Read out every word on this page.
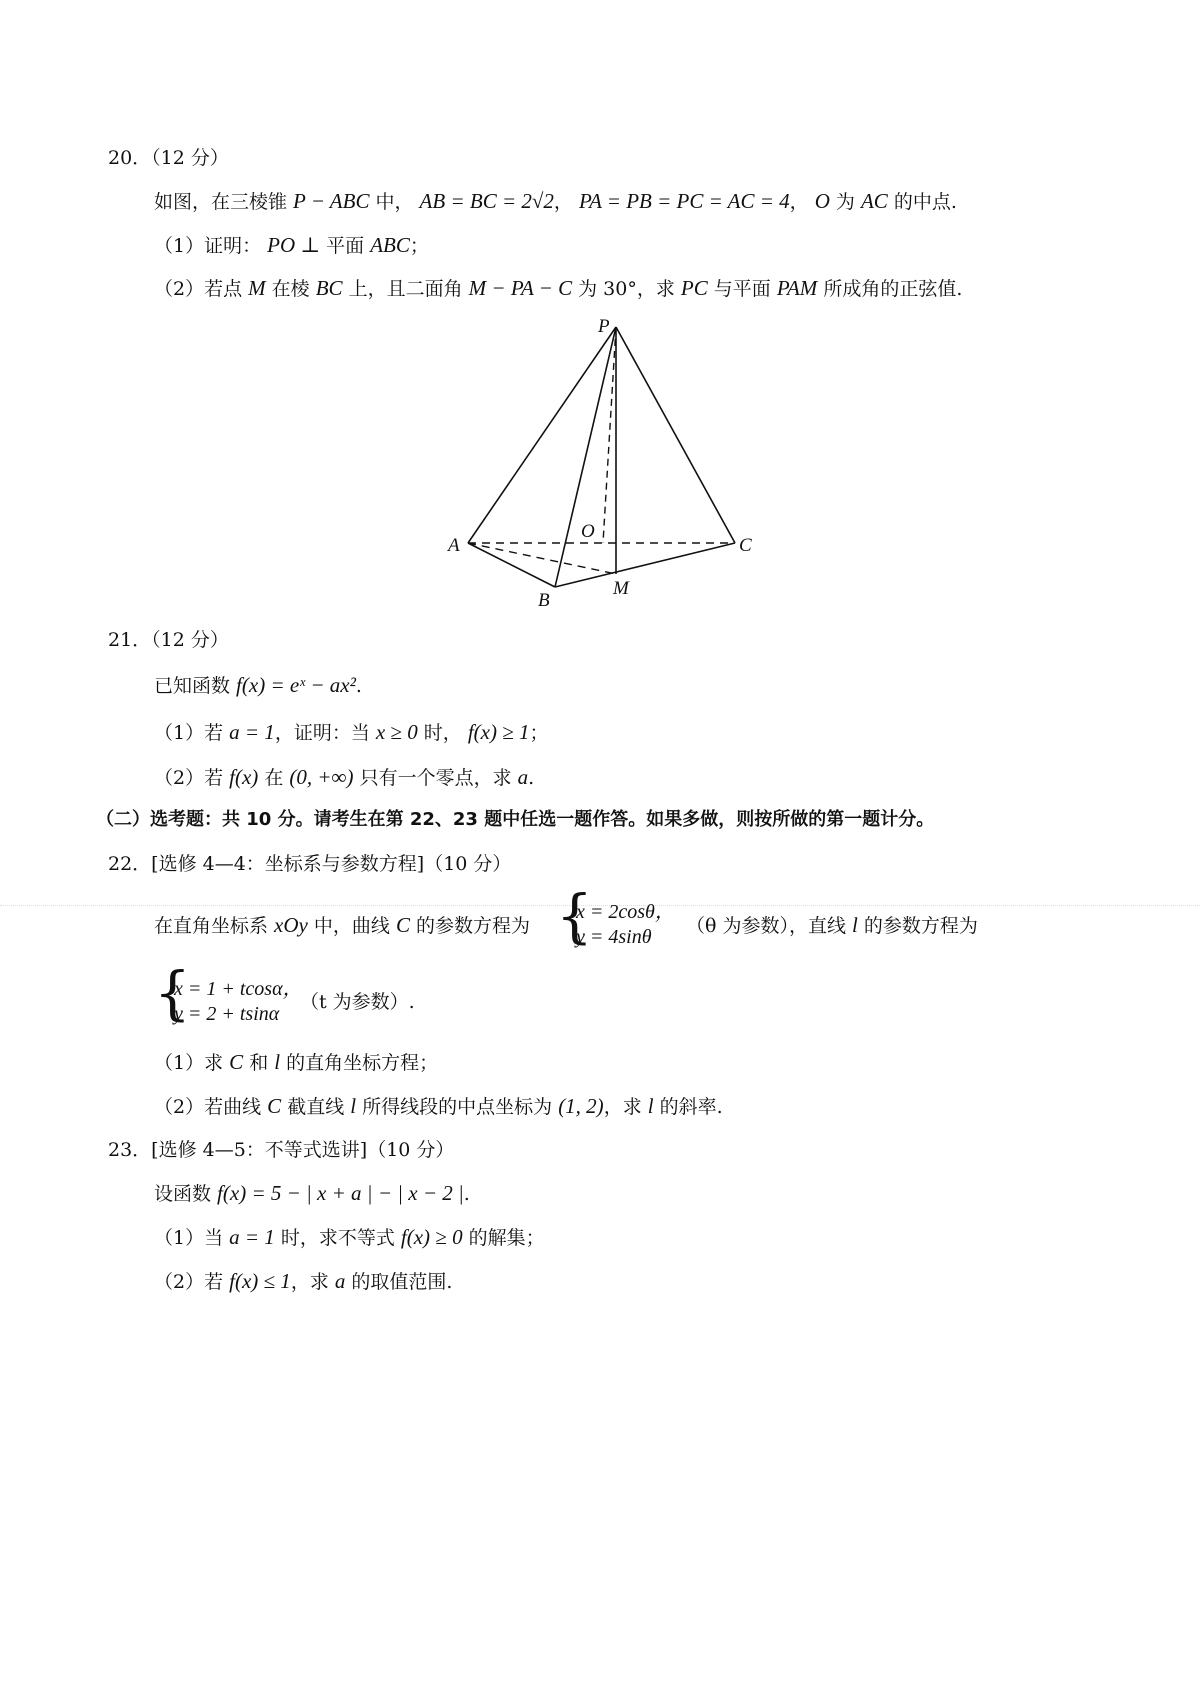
20．（12 分）
如图，在三棱锥 P − ABC 中， AB = BC = 2√2， PA = PB = PC = AC = 4， O 为 AC 的中点.
（1）证明： PO ⊥ 平面 ABC；
（2）若点 M 在棱 BC 上，且二面角 M − PA − C 为 30°，求 PC 与平面 PAM 所成角的正弦值.
P
A
B
C
O
M
21．（12 分）
已知函数 f(x) = eˣ − ax².
（1）若 a = 1，证明：当 x ≥ 0 时， f(x) ≥ 1；
（2）若 f(x) 在 (0, +∞) 只有一个零点，求 a.
（二）选考题：共 10 分。请考生在第 22、23 题中任选一题作答。如果多做，则按所做的第一题计分。
22．[选修 4—4：坐标系与参数方程]（10 分）
在直角坐标系 xOy 中，曲线 C 的参数方程为 {
x = 2cosθ，
y = 4sinθ （θ 为参数），直线 l 的参数方程为
{
x = 1 + tcosα，
y = 2 + tsinα
（t 为参数）.
（1）求 C 和 l 的直角坐标方程；
（2）若曲线 C 截直线 l 所得线段的中点坐标为 (1, 2)，求 l 的斜率.
23．[选修 4—5：不等式选讲]（10 分）
设函数 f(x) = 5 − | x + a | − | x − 2 |.
（1）当 a = 1 时，求不等式 f(x) ≥ 0 的解集；
（2）若 f(x) ≤ 1，求 a 的取值范围.
